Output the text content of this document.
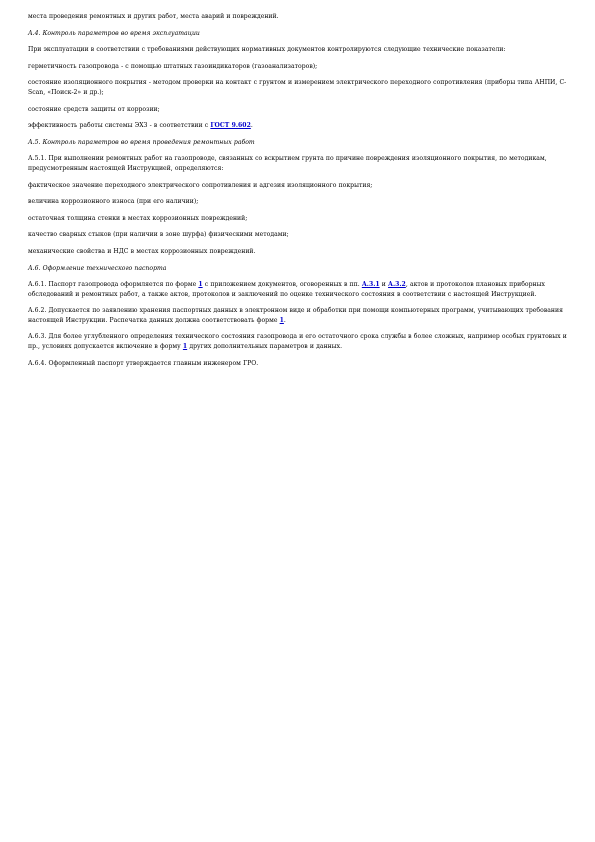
места проведения ремонтных и других работ, места аварий и повреждений.

А.4. Контроль параметров во время эксплуатации

При эксплуатации в соответствии с требованиями действующих нормативных документов контролируются следующие технические показатели:

герметичность газопровода - с помощью штатных газоиндикаторов (газоанализаторов);

состояние изоляционного покрытия - методом проверки на контакт с грунтом и измерением электрического переходного сопротивления (приборы типа АНПИ, C-Scan, «Поиск-2» и др.);

состояние средств защиты от коррозии;

эффективность работы системы ЭХЗ - в соответствии с ГОСТ 9.602.

А.5. Контроль параметров во время проведения ремонтных работ

А.5.1. При выполнении ремонтных работ на газопроводе, связанных со вскрытием грунта по причине повреждения изоляционного покрытия, по методикам, предусмотренным настоящей Инструкцией, определяются:

фактическое значение переходного электрического сопротивления и адгезия изоляционного покрытия;

величина коррозионного износа (при его наличии);

остаточная толщина стенки в местах коррозионных повреждений;

качество сварных стыков (при наличии в зоне шурфа) физическими методами;

механические свойства и НДС в местах коррозионных повреждений.

А.6. Оформление технического паспорта

А.6.1. Паспорт газопровода оформляется по форме 1 с приложением документов, оговоренных в пп. А.3.1 и А.3.2, актов и протоколов плановых приборных обследований и ремонтных работ, а также актов, протоколов и заключений по оценке технического состояния в соответствии с настоящей Инструкцией.

А.6.2. Допускается по заявлению хранения паспортных данных в электронном виде и обработки при помощи компьютерных программ, учитывающих требования настоящей Инструкции. Распечатка данных должна соответствовать форме 1.

А.6.3. Для более углубленного определения технического состояния газопровода и его остаточного срока службы в более сложных, например особых грунтовых и пр., условиях допускается включение в форму 1 других дополнительных параметров и данных.

А.6.4. Оформленный паспорт утверждается главным инженером ГРО.
